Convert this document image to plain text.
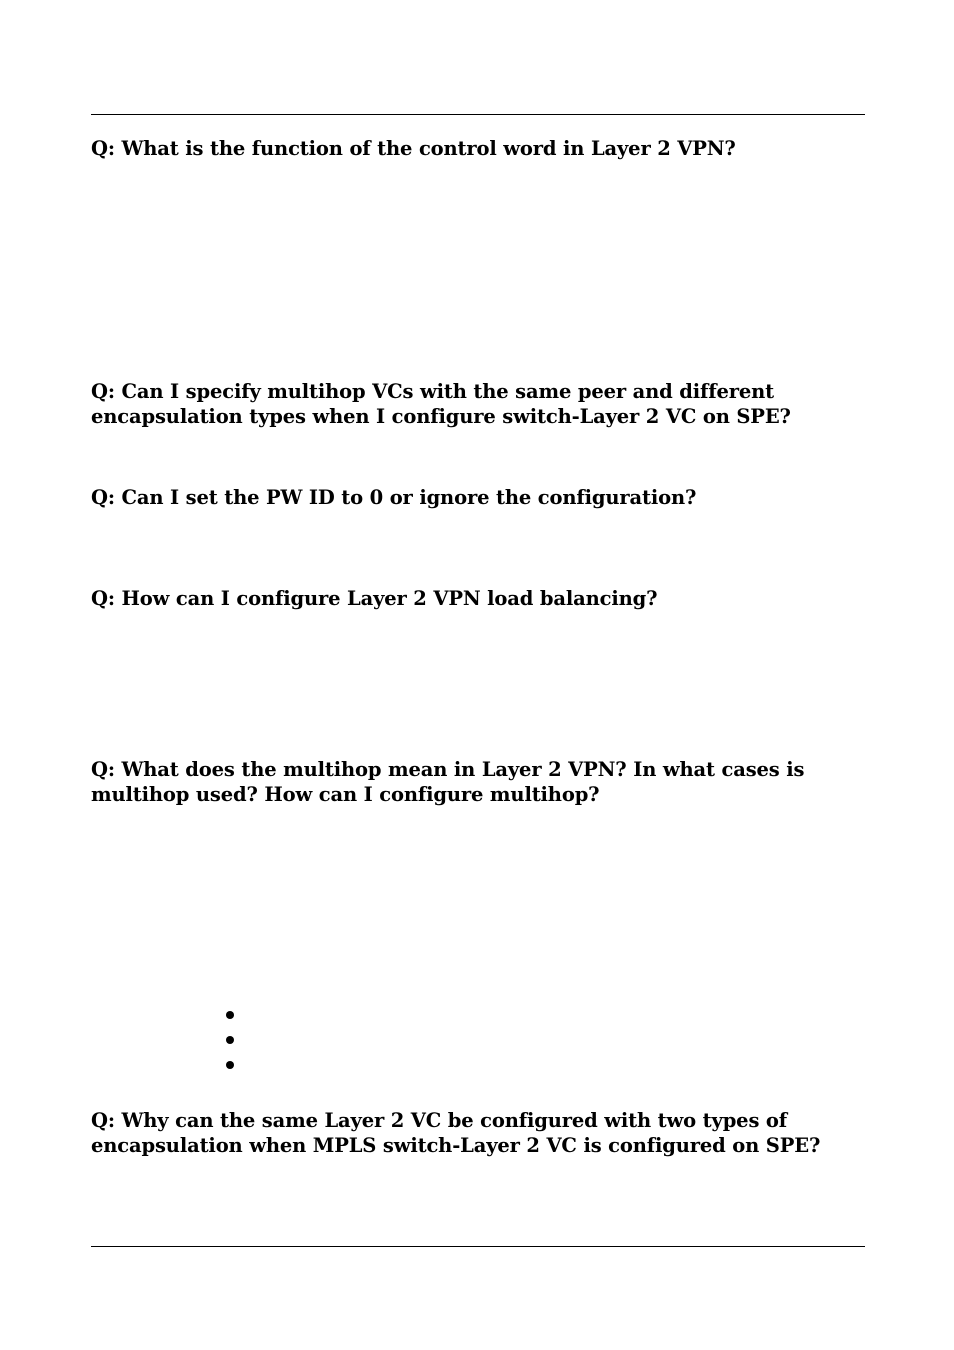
Q: What is the function of the control word in Layer 2 VPN?

Q: Can I specify multihop VCs with the same peer and different encapsulation types when I configure switch-Layer 2 VC on SPE?

Q: Can I set the PW ID to 0 or ignore the configuration?

Q: How can I configure Layer 2 VPN load balancing?

Q: What does the multihop mean in Layer 2 VPN? In what cases is multihop used? How can I configure multihop?

Q: Why can the same Layer 2 VC be configured with two types of encapsulation when MPLS switch-Layer 2 VC is configured on SPE?
